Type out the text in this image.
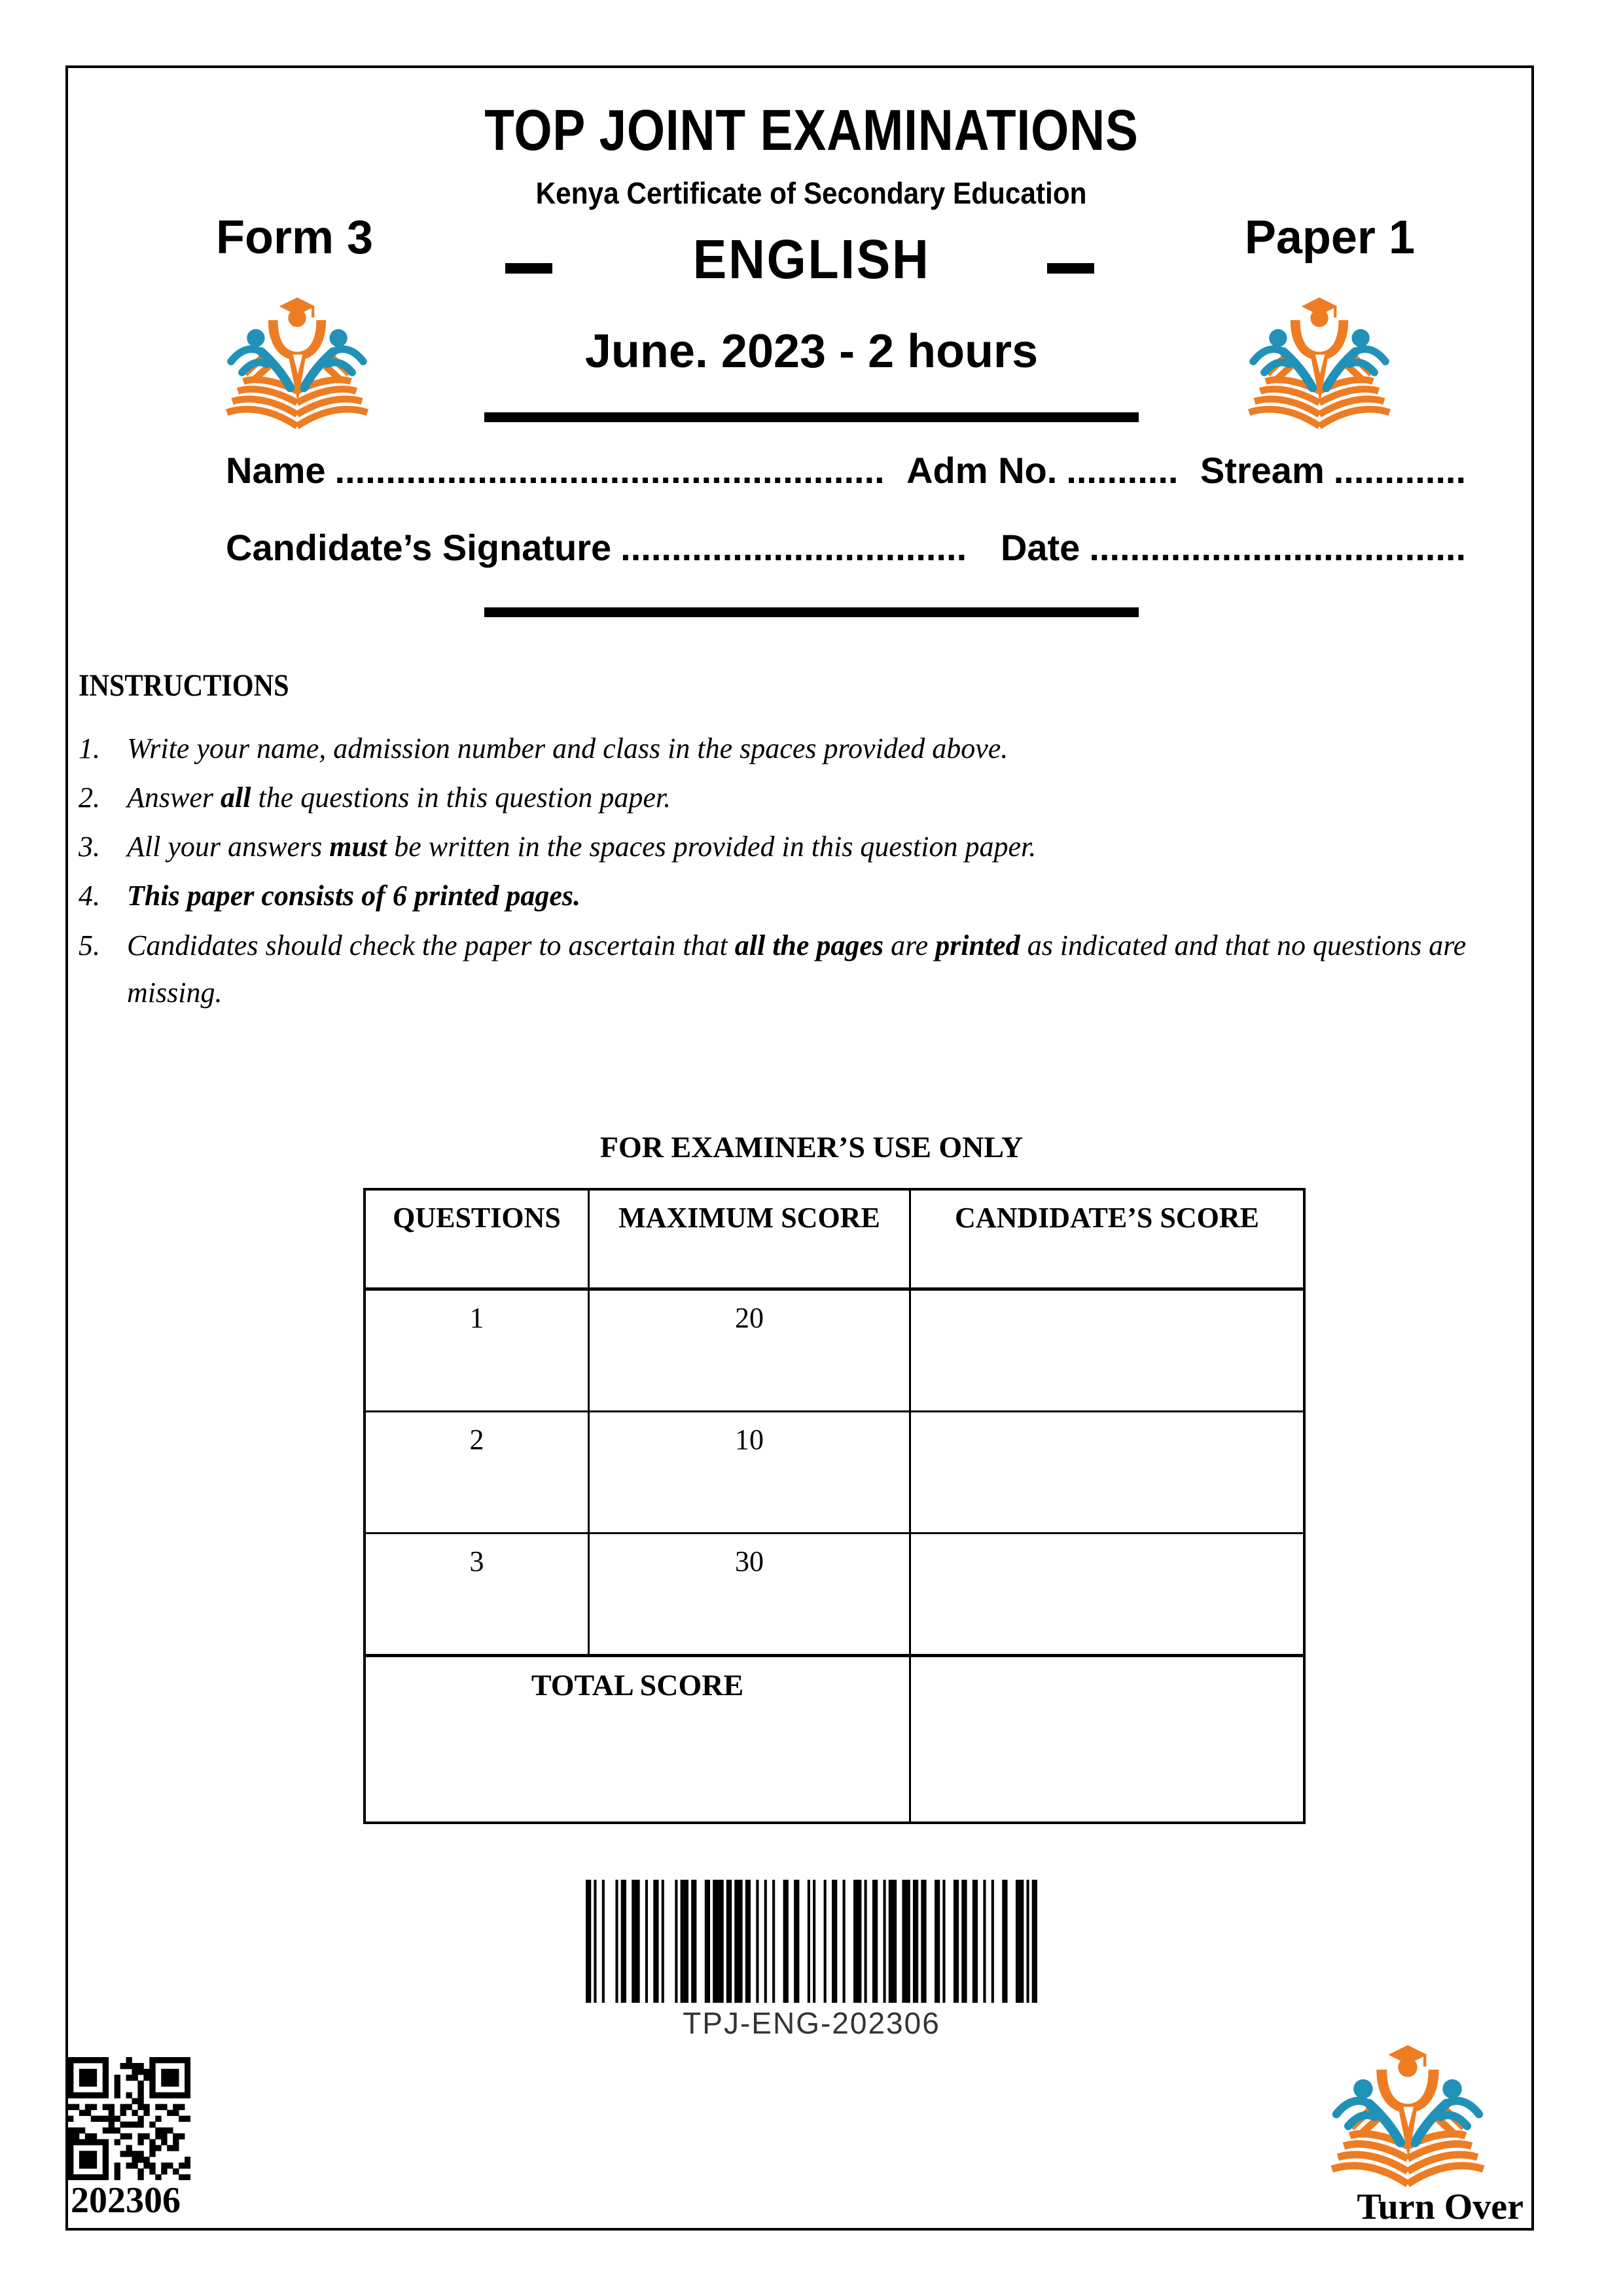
TOP JOINT EXAMINATIONS
Kenya Certificate of Secondary Education
Form 3	Paper 1
ENGLISH
June. 2023 - 2 hours
Name ...................................................... Adm No. ........... Stream .............
Candidate’s Signature .................................. Date .....................................
INSTRUCTIONS
1. Write your name, admission number and class in the spaces provided above.
2. Answer all the questions in this question paper.
3. All your answers must be written in the spaces provided in this question paper.
4. This paper consists of 6 printed pages.
5. Candidates should check the paper to ascertain that all the pages are printed as indicated and that no questions are missing.
FOR EXAMINER’S USE ONLY
QUESTIONS	MAXIMUM SCORE	CANDIDATE’S SCORE
1	20	
2	10	
3	30	
TOTAL SCORE		
TPJ-ENG-202306
202306	Turn Over
